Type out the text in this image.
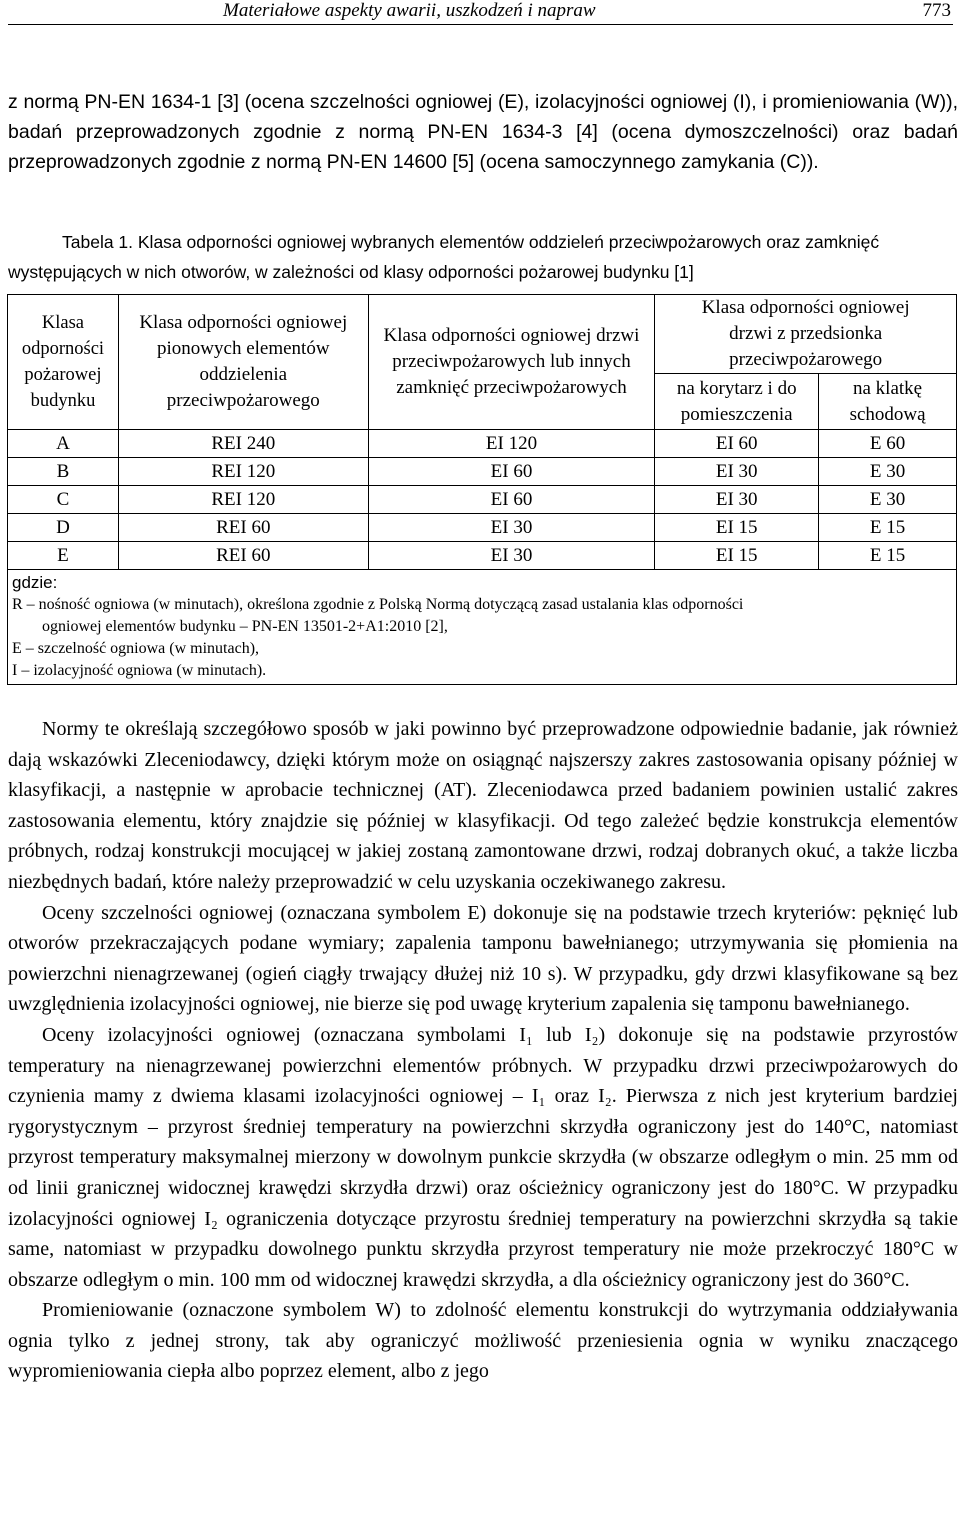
Materiałowe aspekty awarii, uszkodzeń i napraw	773
z normą PN-EN 1634-1 [3] (ocena szczelności ogniowej (E), izolacyjności ogniowej (I), i promieniowania (W)), badań przeprowadzonych zgodnie z normą PN-EN 1634-3 [4] (ocena dymoszczelności) oraz badań przeprowadzonych zgodnie z normą PN-EN 14600 [5] (ocena samoczynnego zamykania (C)).
Tabela 1. Klasa odporności ogniowej wybranych elementów oddzieleń przeciwpożarowych oraz zamknięć występujących w nich otworów, w zależności od klasy odporności pożarowej budynku [1]
Klasa odporności pożarowej budynku	Klasa odporności ogniowej pionowych elementów oddzielenia przeciwpożarowego	Klasa odporności ogniowej drzwi przeciwpożarowych lub innych zamknięć przeciwpożarowych	Klasa odporności ogniowej drzwi z przedsionka przeciwpożarowego	
			na korytarz i do pomieszczenia	na klatkę schodową
A	REI 240	EI 120	EI 60	E 60
B	REI 120	EI 60	EI 30	E 30
C	REI 120	EI 60	EI 30	E 30
D	REI 60	EI 30	EI 15	E 15
E	REI 60	EI 30	EI 15	E 15

gdzie:
R – nośność ogniowa (w minutach), określona zgodnie z Polską Normą dotyczącą zasad ustalania klas odporności
ogniowej elementów budynku – PN-EN 13501-2+A1:2010 [2],
E – szczelność ogniowa (w minutach),
I – izolacyjność ogniowa (w minutach).				

Normy te określają szczegółowo sposób w jaki powinno być przeprowadzone odpowiednie badanie, jak również dają wskazówki Zleceniodawcy, dzięki którym może on osiągnąć najszerszy zakres zastosowania opisany później w klasyfikacji, a następnie w aprobacie technicznej (AT). Zleceniodawca przed badaniem powinien ustalić zakres zastosowania elementu, który znajdzie się później w klasyfikacji. Od tego zależeć będzie konstrukcja elementów próbnych, rodzaj konstrukcji mocującej w jakiej zostaną zamontowane drzwi, rodzaj dobranych okuć, a także liczba niezbędnych badań, które należy przeprowadzić w celu uzyskania oczekiwanego zakresu.

Oceny szczelności ogniowej (oznaczana symbolem E) dokonuje się na podstawie trzech kryteriów: pęknięć lub otworów przekraczających podane wymiary; zapalenia tamponu bawełnianego; utrzymywania się płomienia na powierzchni nienagrzewanej (ogień ciągły trwający dłużej niż 10 s). W przypadku, gdy drzwi klasyfikowane są bez uwzględnienia izolacyjności ogniowej, nie bierze się pod uwagę kryterium zapalenia się tamponu bawełnianego.

Oceny izolacyjności ogniowej (oznaczana symbolami I₁ lub I₂) dokonuje się na podstawie przyrostów temperatury na nienagrzewanej powierzchni elementów próbnych. W przypadku drzwi przeciwpożarowych do czynienia mamy z dwiema klasami izolacyjności ogniowej – I₁ oraz I₂. Pierwsza z nich jest kryterium bardziej rygorystycznym – przyrost średniej temperatury na powierzchni skrzydła ograniczony jest do 140°C, natomiast przyrost temperatury maksymalnej mierzony w dowolnym punkcie skrzydła (w obszarze odległym o min. 25 mm od od linii granicznej widocznej krawędzi skrzydła drzwi) oraz ościeżnicy ograniczony jest do 180°C. W przypadku izolacyjności ogniowej I₂ ograniczenia dotyczące przyrostu średniej temperatury na powierzchni skrzydła są takie same, natomiast w przypadku dowolnego punktu skrzydła przyrost temperatury nie może przekroczyć 180°C w obszarze odległym o min. 100 mm od widocznej krawędzi skrzydła, a dla ościeżnicy ograniczony jest do 360°C.

Promieniowanie (oznaczone symbolem W) to zdolność elementu konstrukcji do wytrzymania oddziaływania ognia tylko z jednej strony, tak aby ograniczyć możliwość przeniesienia ognia w wyniku znaczącego wypromieniowania ciepła albo poprzez element, albo z jego
